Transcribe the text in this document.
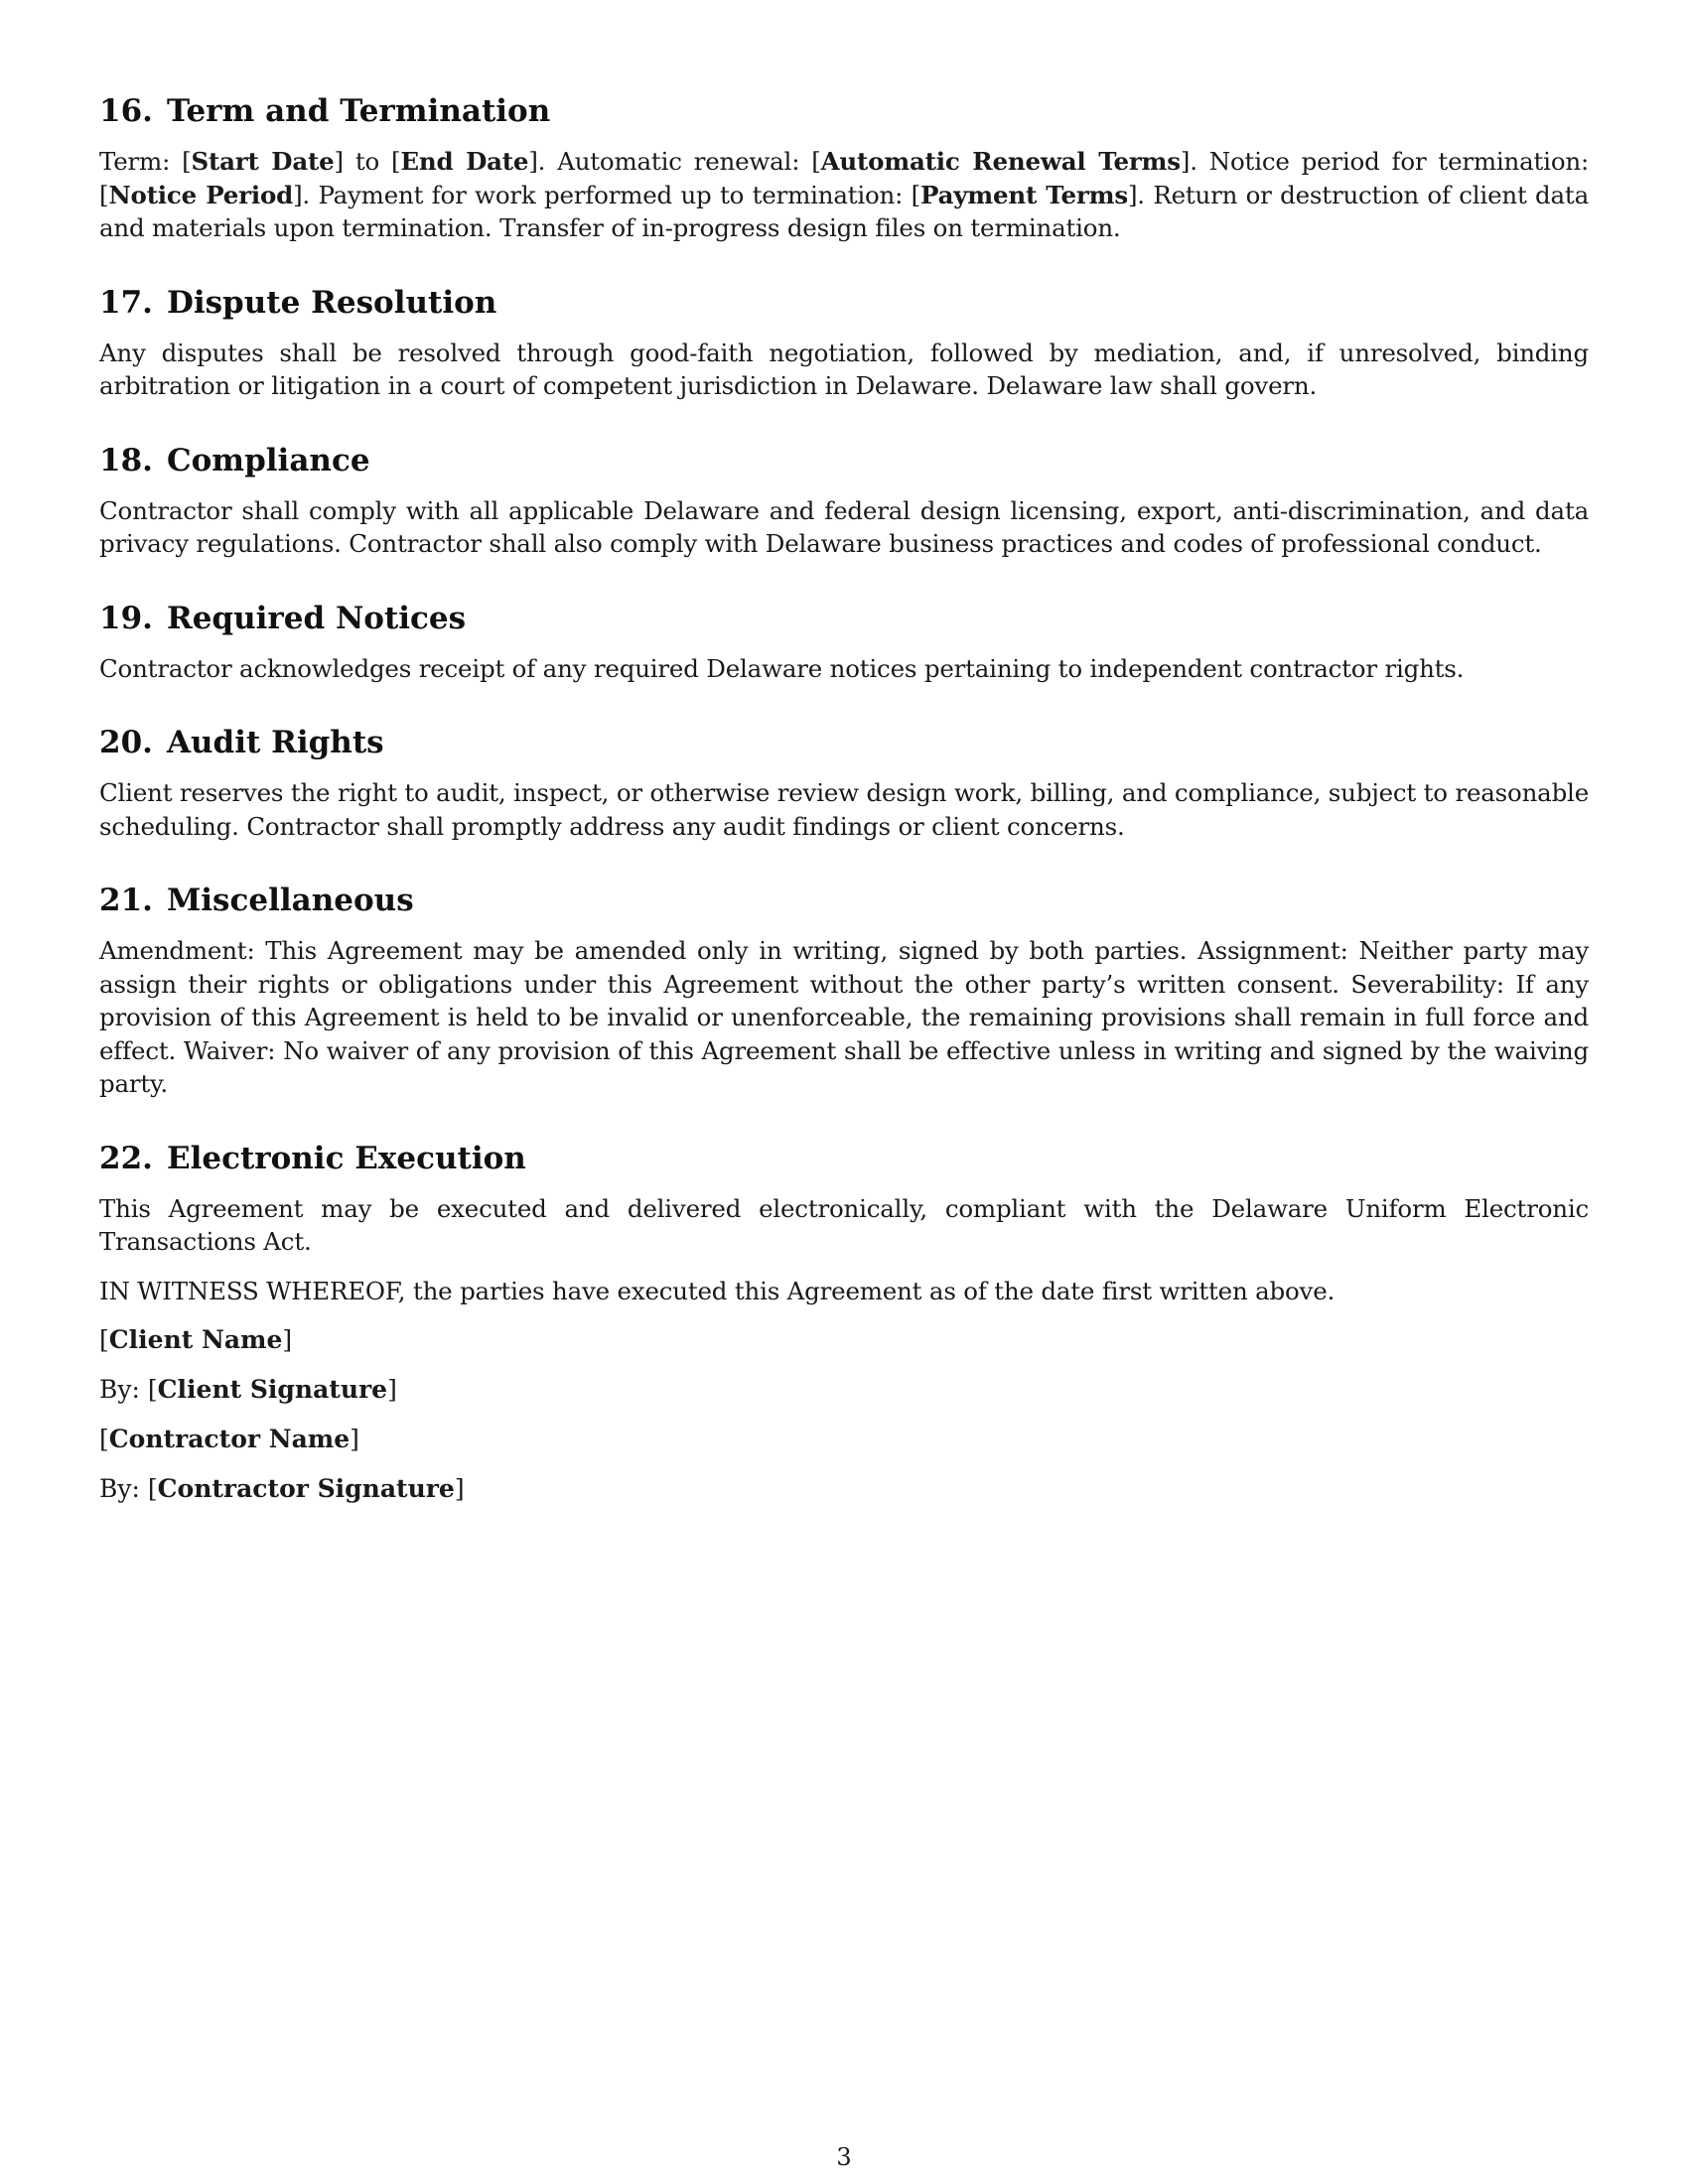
16. Term and Termination

Term: [Start Date] to [End Date]. Automatic renewal: [Automatic Renewal Terms]. Notice period for termination: [Notice Period]. Payment for work performed up to termination: [Payment Terms]. Return or destruction of client data and materials upon termination. Transfer of in-progress design files on termination.

17. Dispute Resolution

Any disputes shall be resolved through good-faith negotiation, followed by mediation, and, if unresolved, binding arbitration or litigation in a court of competent jurisdiction in Delaware. Delaware law shall govern.

18. Compliance

Contractor shall comply with all applicable Delaware and federal design licensing, export, anti-discrimination, and data privacy regulations. Contractor shall also comply with Delaware business practices and codes of professional conduct.

19. Required Notices

Contractor acknowledges receipt of any required Delaware notices pertaining to independent contractor rights.

20. Audit Rights

Client reserves the right to audit, inspect, or otherwise review design work, billing, and compliance, subject to reasonable scheduling. Contractor shall promptly address any audit findings or client concerns.

21. Miscellaneous

Amendment: This Agreement may be amended only in writing, signed by both parties. Assignment: Neither party may assign their rights or obligations under this Agreement without the other party’s written consent. Severability: If any provision of this Agreement is held to be invalid or unenforceable, the remaining provisions shall remain in full force and effect. Waiver: No waiver of any provision of this Agreement shall be effective unless in writing and signed by the waiving party.

22. Electronic Execution

This Agreement may be executed and delivered electronically, compliant with the Delaware Uniform Electronic Transactions Act.

IN WITNESS WHEREOF, the parties have executed this Agreement as of the date first written above.

[Client Name]

By: [Client Signature]

[Contractor Name]

By: [Contractor Signature]

3
